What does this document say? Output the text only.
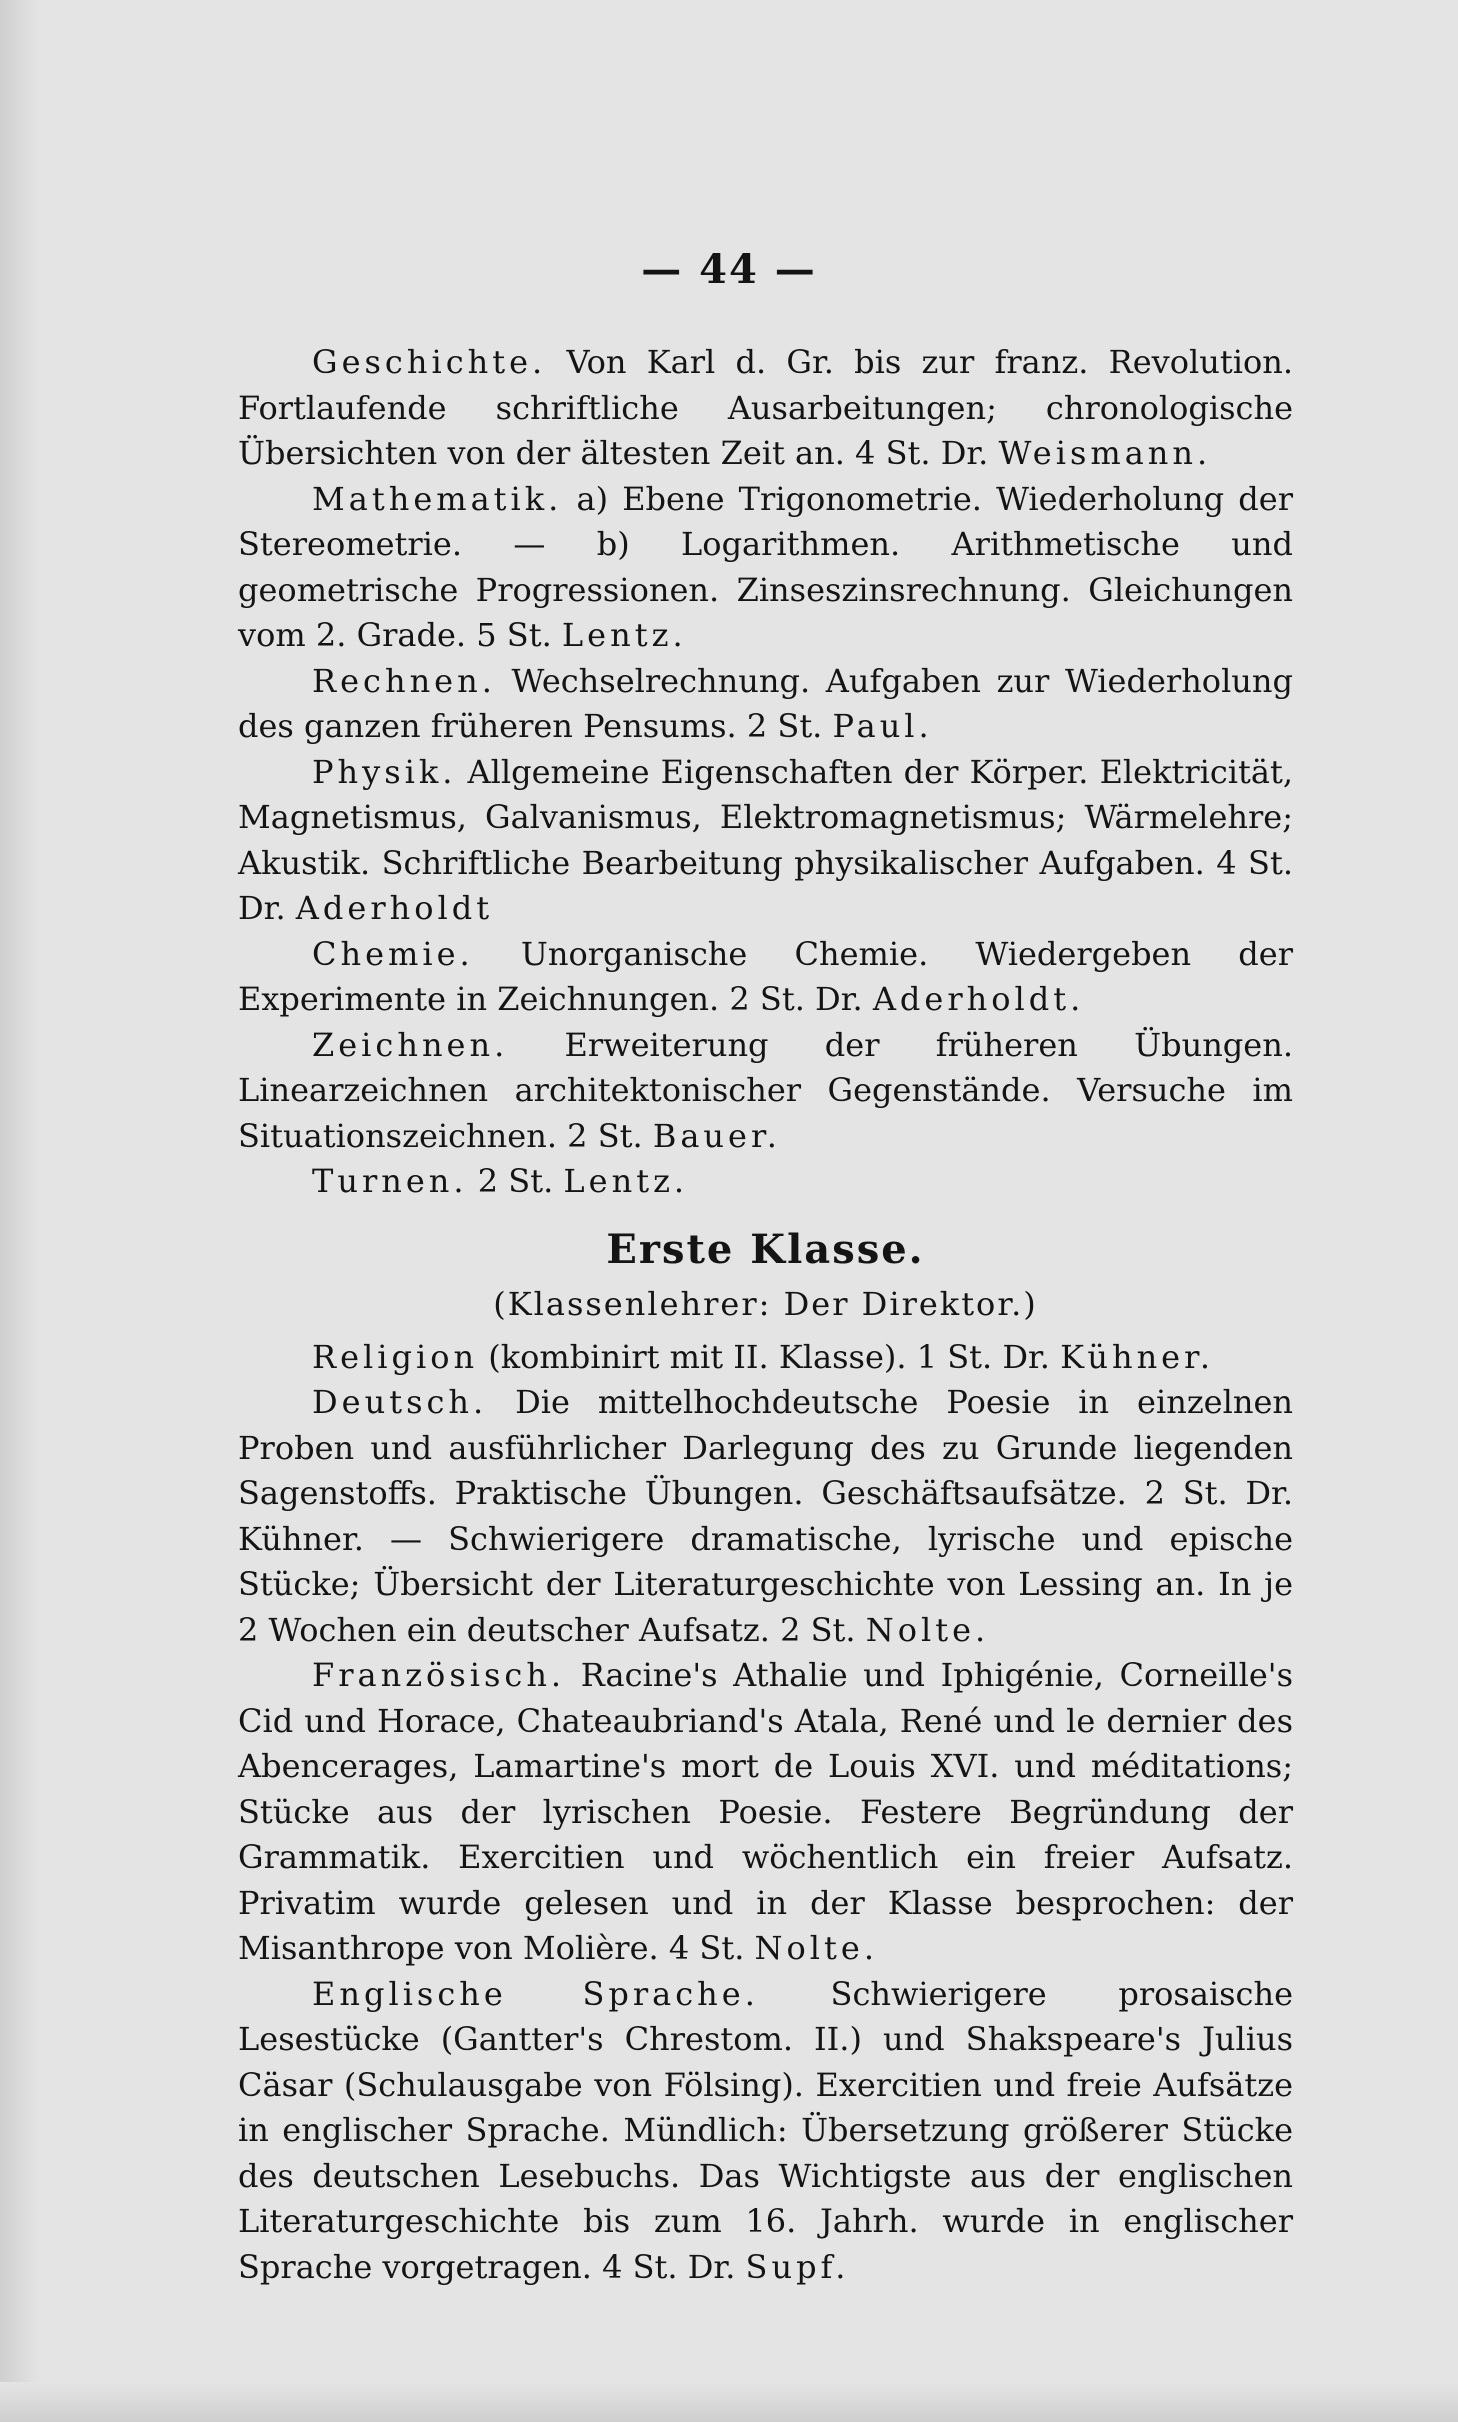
— 44 —

Geschichte. Von Karl d. Gr. bis zur franz. Revolution. Fortlaufende schriftliche Ausarbeitungen; chronologische Übersichten von der ältesten Zeit an. 4 St. Dr. Weismann.

Mathematik. a) Ebene Trigonometrie. Wiederholung der Stereometrie. — b) Logarithmen. Arithmetische und geometrische Progressionen. Zinseszinsrechnung. Gleichungen vom 2. Grade. 5 St. Lentz.

Rechnen. Wechselrechnung. Aufgaben zur Wiederholung des ganzen früheren Pensums. 2 St. Paul.

Physik. Allgemeine Eigenschaften der Körper. Elektricität, Magnetismus, Galvanismus, Elektromagnetismus; Wärmelehre; Akustik. Schriftliche Bearbeitung physikalischer Aufgaben. 4 St. Dr. Aderholdt

Chemie. Unorganische Chemie. Wiedergeben der Experimente in Zeichnungen. 2 St. Dr. Aderholdt.

Zeichnen. Erweiterung der früheren Übungen. Linearzeichnen architektonischer Gegenstände. Versuche im Situationszeichnen. 2 St. Bauer.

Turnen. 2 St. Lentz.

Erste Klasse.
(Klassenlehrer: Der Direktor.)

Religion (kombinirt mit II. Klasse). 1 St. Dr. Kühner.

Deutsch. Die mittelhochdeutsche Poesie in einzelnen Proben und ausführlicher Darlegung des zu Grunde liegenden Sagenstoffs. Praktische Übungen. Geschäftsaufsätze. 2 St. Dr. Kühner. — Schwierigere dramatische, lyrische und epische Stücke; Übersicht der Literaturgeschichte von Lessing an. In je 2 Wochen ein deutscher Aufsatz. 2 St. Nolte.

Französisch. Racine's Athalie und Iphigénie, Corneille's Cid und Horace, Chateaubriand's Atala, René und le dernier des Abencerages, Lamartine's mort de Louis XVI. und méditations; Stücke aus der lyrischen Poesie. Festere Begründung der Grammatik. Exercitien und wöchentlich ein freier Aufsatz. Privatim wurde gelesen und in der Klasse besprochen: der Misanthrope von Molière. 4 St. Nolte.

Englische Sprache. Schwierigere prosaische Lesestücke (Gantter's Chrestom. II.) und Shakspeare's Julius Cäsar (Schulausgabe von Fölsing). Exercitien und freie Aufsätze in englischer Sprache. Mündlich: Übersetzung größerer Stücke des deutschen Lesebuchs. Das Wichtigste aus der englischen Literaturgeschichte bis zum 16. Jahrh. wurde in englischer Sprache vorgetragen. 4 St. Dr. Supf.
